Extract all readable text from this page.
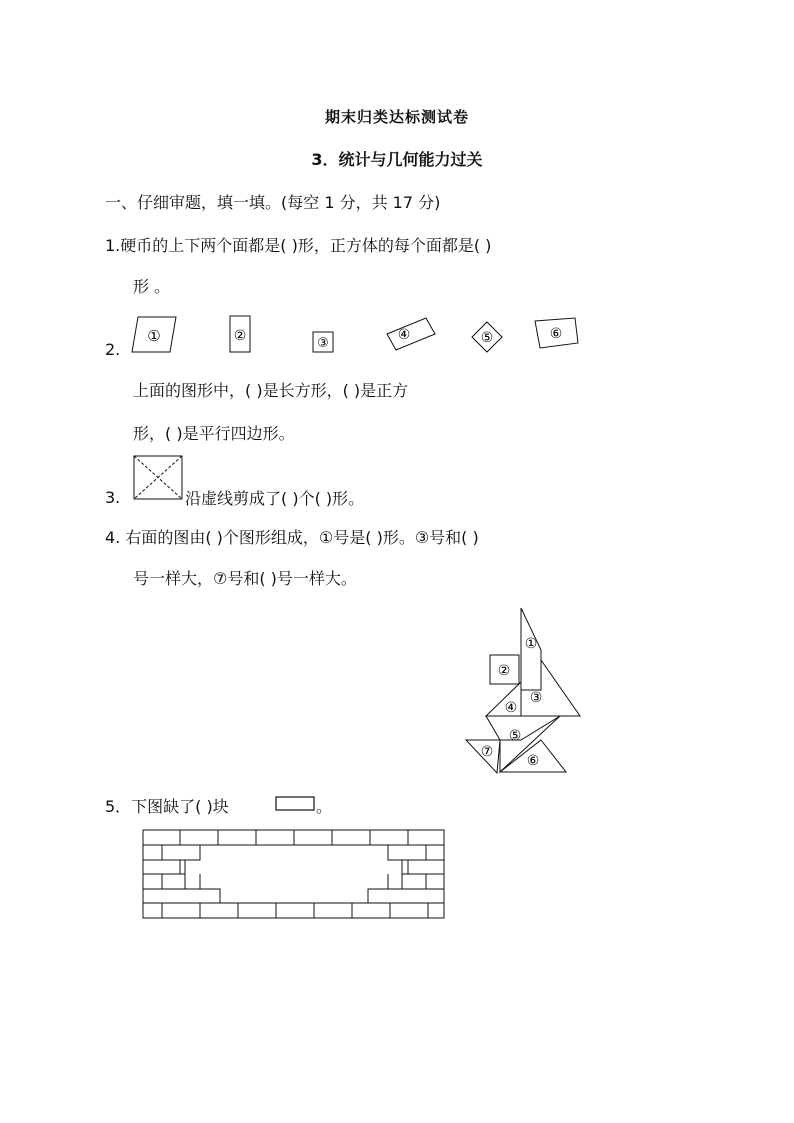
期末归类达标测试卷
3．统计与几何能力过关
一、仔细审题，填一填。(每空 1 分，共 17 分)
1.硬币的上下两个面都是( )形，正方体的每个面都是( )
形 。
2.
①	②	③
④	⑤	⑥
①
②
③
④
⑤
⑥
⑦
上面的图形中，( )是长方形，( )是正方
形，( )是平行四边形。
3.	沿虚线剪成了( )个( )形。
4. 右面的图由( )个图形组成，①号是( )形。③号和( )
号一样大，⑦号和( )号一样大。
5．下图缺了( )块	。
